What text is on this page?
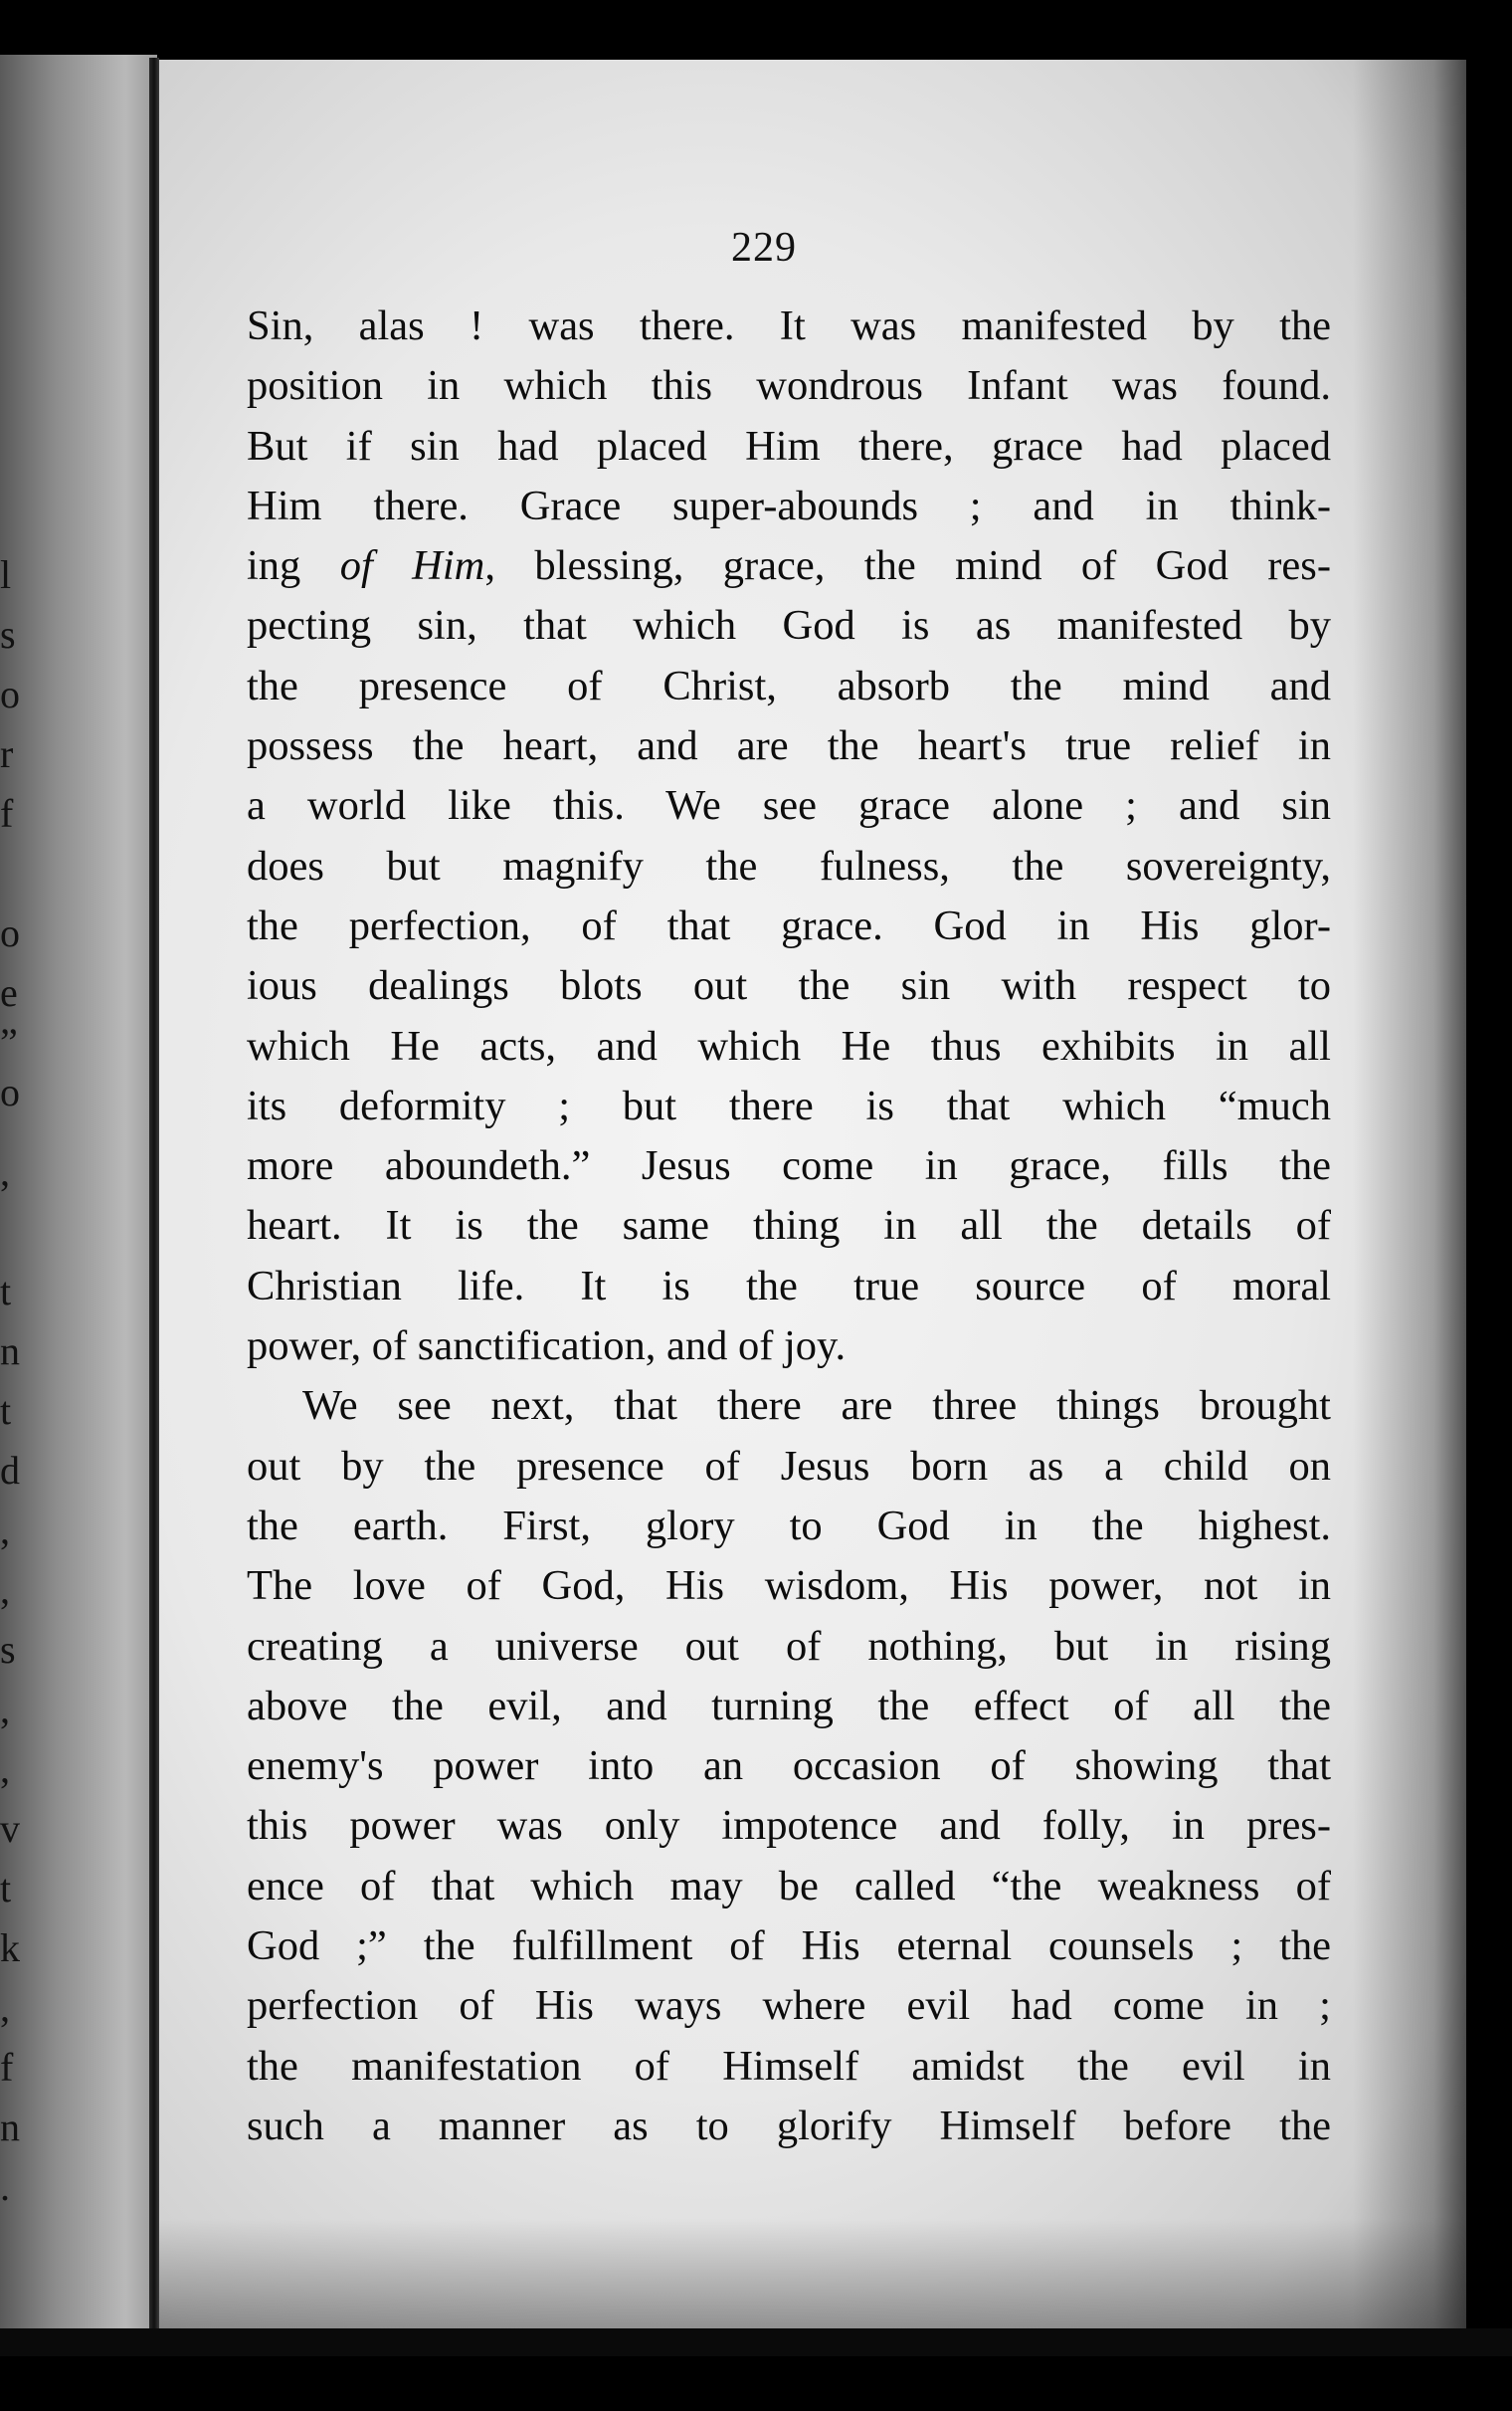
l
s
o
r
f
o
e
”
o
,
t
n
t
d
,
,
s
,
,
v
t
k
,
f
n
.
229
Sin, alas ! was there. It was manifested by the
position in which this wondrous Infant was found.
But if sin had placed Him there, grace had placed
Him there. Grace super-abounds ; and in think-
ing of Him, blessing, grace, the mind of God res-
pecting sin, that which God is as manifested by
the presence of Christ, absorb the mind and
possess the heart, and are the heart's true relief in
a world like this. We see grace alone ; and sin
does but magnify the fulness, the sovereignty,
the perfection, of that grace. God in His glor-
ious dealings blots out the sin with respect to
which He acts, and which He thus exhibits in all
its deformity ; but there is that which “much
more aboundeth.” Jesus come in grace, fills the
heart. It is the same thing in all the details of
Christian life. It is the true source of moral
power, of sanctification, and of joy.
We see next, that there are three things brought
out by the presence of Jesus born as a child on
the earth. First, glory to God in the highest.
The love of God, His wisdom, His power, not in
creating a universe out of nothing, but in rising
above the evil, and turning the effect of all the
enemy's power into an occasion of showing that
this power was only impotence and folly, in pres-
ence of that which may be called “the weakness of
God ;” the fulfillment of His eternal counsels ; the
perfection of His ways where evil had come in ;
the manifestation of Himself amidst the evil in
such a manner as to glorify Himself before the
